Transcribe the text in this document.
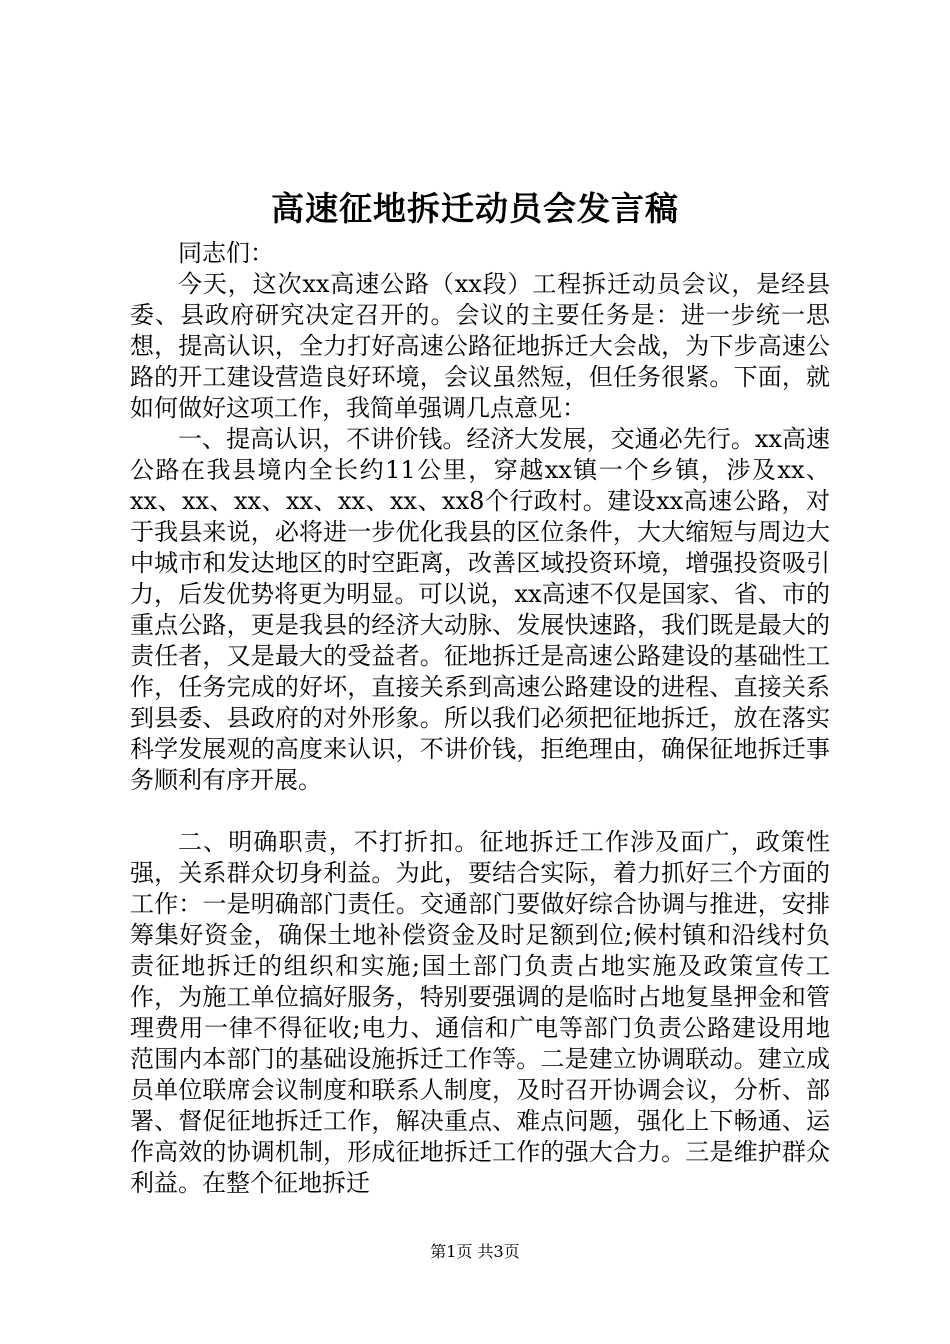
高速征地拆迁动员会发言稿

同志们：

今天，这次xx高速公路（xx段）工程拆迁动员会议，是经县委、县政府研究决定召开的。会议的主要任务是：进一步统一思想，提高认识，全力打好高速公路征地拆迁大会战，为下步高速公路的开工建设营造良好环境，会议虽然短，但任务很紧。下面，就如何做好这项工作，我简单强调几点意见：

一、提高认识，不讲价钱。经济大发展，交通必先行。xx高速公路在我县境内全长约11公里，穿越xx镇一个乡镇，涉及xx、xx、xx、xx、xx、xx、xx、xx8个行政村。建设xx高速公路，对于我县来说，必将进一步优化我县的区位条件，大大缩短与周边大中城市和发达地区的时空距离，改善区域投资环境，增强投资吸引力，后发优势将更为明显。可以说，xx高速不仅是国家、省、市的重点公路，更是我县的经济大动脉、发展快速路，我们既是最大的责任者，又是最大的受益者。征地拆迁是高速公路建设的基础性工作，任务完成的好坏，直接关系到高速公路建设的进程、直接关系到县委、县政府的对外形象。所以我们必须把征地拆迁，放在落实科学发展观的高度来认识，不讲价钱，拒绝理由，确保征地拆迁事务顺利有序开展。

二、明确职责，不打折扣。征地拆迁工作涉及面广，政策性强，关系群众切身利益。为此，要结合实际，着力抓好三个方面的工作：一是明确部门责任。交通部门要做好综合协调与推进，安排筹集好资金，确保土地补偿资金及时足额到位;候村镇和沿线村负责征地拆迁的组织和实施;国土部门负责占地实施及政策宣传工作，为施工单位搞好服务，特别要强调的是临时占地复垦押金和管理费用一律不得征收;电力、通信和广电等部门负责公路建设用地范围内本部门的基础设施拆迁工作等。二是建立协调联动。建立成员单位联席会议制度和联系人制度，及时召开协调会议，分析、部署、督促征地拆迁工作，解决重点、难点问题，强化上下畅通、运作高效的协调机制，形成征地拆迁工作的强大合力。三是维护群众利益。在整个征地拆迁

第1页 共3页
